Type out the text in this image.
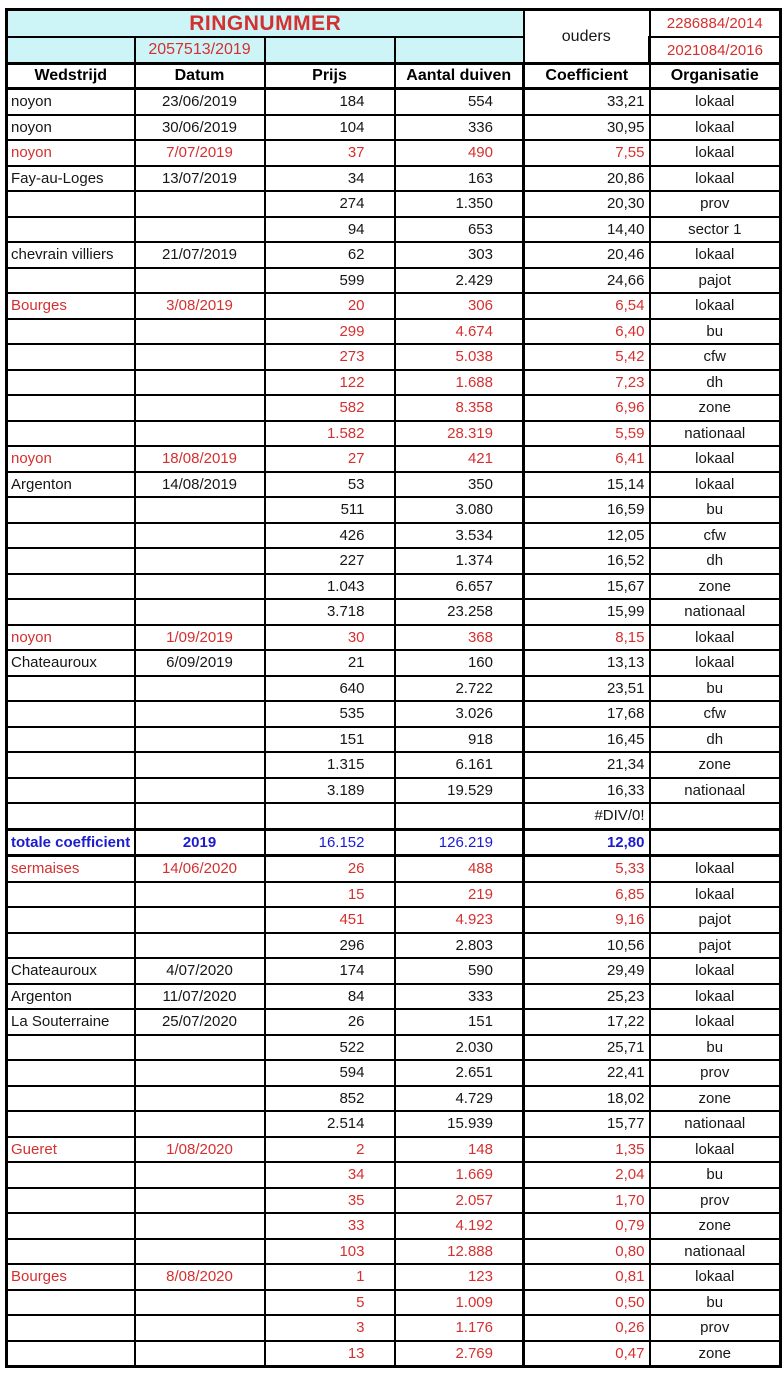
RINGNUMMER				ouders	2286884/2014
	2057513/2019				2021084/2016
Wedstrijd	Datum	Prijs	Aantal duiven	Coefficient	Organisatie
noyon	23/06/2019	184	554	33,21	lokaal
noyon	30/06/2019	104	336	30,95	lokaal
noyon	7/07/2019	37	490	7,55	lokaal
Fay-au-Loges	13/07/2019	34	163	20,86	lokaal
		274	1.350	20,30	prov
		94	653	14,40	sector 1
chevrain villiers	21/07/2019	62	303	20,46	lokaal
		599	2.429	24,66	pajot
Bourges	3/08/2019	20	306	6,54	lokaal
		299	4.674	6,40	bu
		273	5.038	5,42	cfw
		122	1.688	7,23	dh
		582	8.358	6,96	zone
		1.582	28.319	5,59	nationaal
noyon	18/08/2019	27	421	6,41	lokaal
Argenton	14/08/2019	53	350	15,14	lokaal
		511	3.080	16,59	bu
		426	3.534	12,05	cfw
		227	1.374	16,52	dh
		1.043	6.657	15,67	zone
		3.718	23.258	15,99	nationaal
noyon	1/09/2019	30	368	8,15	lokaal
Chateauroux	6/09/2019	21	160	13,13	lokaal
		640	2.722	23,51	bu
		535	3.026	17,68	cfw
		151	918	16,45	dh
		1.315	6.161	21,34	zone
		3.189	19.529	16,33	nationaal
				#DIV/0!	
totale coefficient	2019	16.152	126.219	12,80	
sermaises	14/06/2020	26	488	5,33	lokaal
		15	219	6,85	lokaal
		451	4.923	9,16	pajot
		296	2.803	10,56	pajot
Chateauroux	4/07/2020	174	590	29,49	lokaal
Argenton	11/07/2020	84	333	25,23	lokaal
La Souterraine	25/07/2020	26	151	17,22	lokaal
		522	2.030	25,71	bu
		594	2.651	22,41	prov
		852	4.729	18,02	zone
		2.514	15.939	15,77	nationaal
Gueret	1/08/2020	2	148	1,35	lokaal
		34	1.669	2,04	bu
		35	2.057	1,70	prov
		33	4.192	0,79	zone
		103	12.888	0,80	nationaal
Bourges	8/08/2020	1	123	0,81	lokaal
		5	1.009	0,50	bu
		3	1.176	0,26	prov
		13	2.769	0,47	zone
